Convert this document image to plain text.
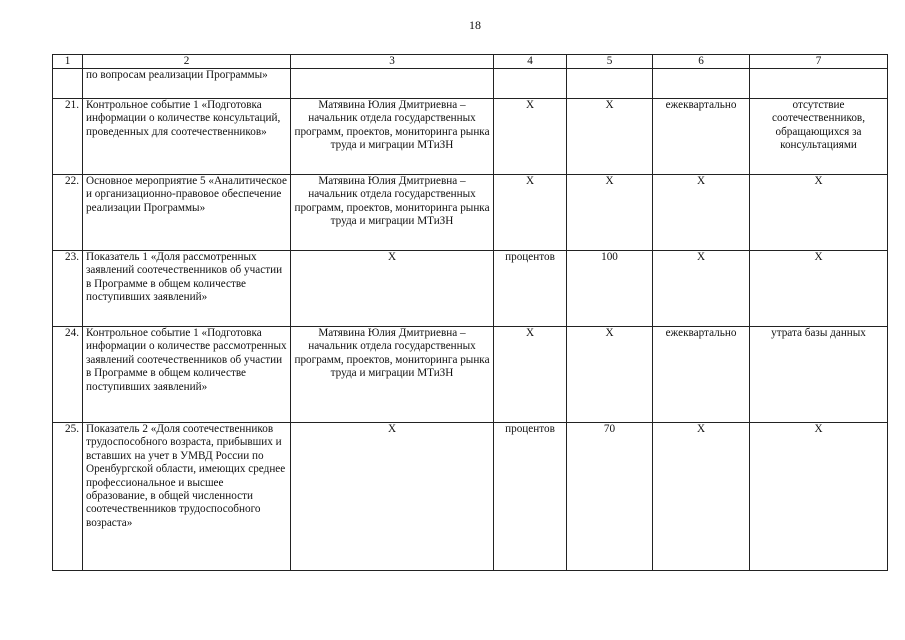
18
1	2	3	4	5	6	7
	по вопросам реализации Программы»					
21.	Контрольное событие 1 «Подготовка информации о количестве консультаций, проведенных для соотечественников»	Матявина Юлия Дмитриевна – начальник отдела государственных программ, проектов, мониторинга рынка труда и миграции МТиЗН	X	X	ежеквартально	отсутствие соотечественников, обращающихся за консультациями
22.	Основное мероприятие 5 «Аналитическое и организационно-правовое обеспечение реализации Программы»	Матявина Юлия Дмитриевна – начальник отдела государственных программ, проектов, мониторинга рынка труда и миграции МТиЗН	X	X	X	X
23.	Показатель 1 «Доля рассмотренных заявлений соотечественников об участии в Программе в общем количестве поступивших заявлений»	X	процентов	100	X	X
24.	Контрольное событие 1 «Подготовка информации о количестве рассмотренных заявлений соотечественников об участии в Программе в общем количестве поступивших заявлений»	Матявина Юлия Дмитриевна – начальник отдела государственных программ, проектов, мониторинга рынка труда и миграции МТиЗН	X	X	ежеквартально	утрата базы данных
25.	Показатель 2 «Доля соотечественников трудоспособного возраста, прибывших и вставших на учет в УМВД России по Оренбургской области, имеющих среднее профессиональное и высшее образование, в общей численности соотечественников трудоспособного возраста»	X	процентов	70	X	X
